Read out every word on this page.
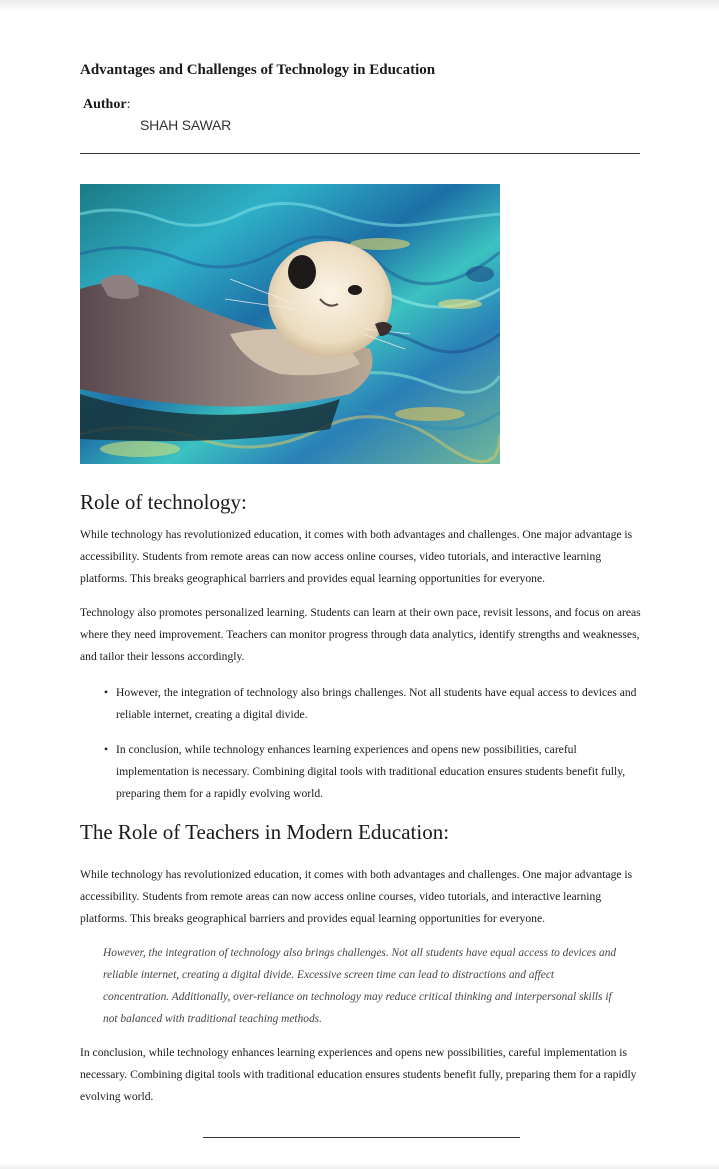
Advantages and Challenges of Technology in Education
Author:
SHAH SAWAR
Role of technology:

While technology has revolutionized education, it comes with both advantages and challenges. One major advantage is accessibility. Students from remote areas can now access online courses, video tutorials, and interactive learning platforms. This breaks geographical barriers and provides equal learning opportunities for everyone.

Technology also promotes personalized learning. Students can learn at their own pace, revisit lessons, and focus on areas where they need improvement. Teachers can monitor progress through data analytics, identify strengths and weaknesses, and tailor their lessons accordingly.

• However, the integration of technology also brings challenges. Not all students have equal access to devices and reliable internet, creating a digital divide.
• In conclusion, while technology enhances learning experiences and opens new possibilities, careful implementation is necessary. Combining digital tools with traditional education ensures students benefit fully, preparing them for a rapidly evolving world.
The Role of Teachers in Modern Education:

While technology has revolutionized education, it comes with both advantages and challenges. One major advantage is accessibility. Students from remote areas can now access online courses, video tutorials, and interactive learning platforms. This breaks geographical barriers and provides equal learning opportunities for everyone.

However, the integration of technology also brings challenges. Not all students have equal access to devices and reliable internet, creating a digital divide. Excessive screen time can lead to distractions and affect concentration. Additionally, over-reliance on technology may reduce critical thinking and interpersonal skills if not balanced with traditional teaching methods.

In conclusion, while technology enhances learning experiences and opens new possibilities, careful implementation is necessary. Combining digital tools with traditional education ensures students benefit fully, preparing them for a rapidly evolving world.
